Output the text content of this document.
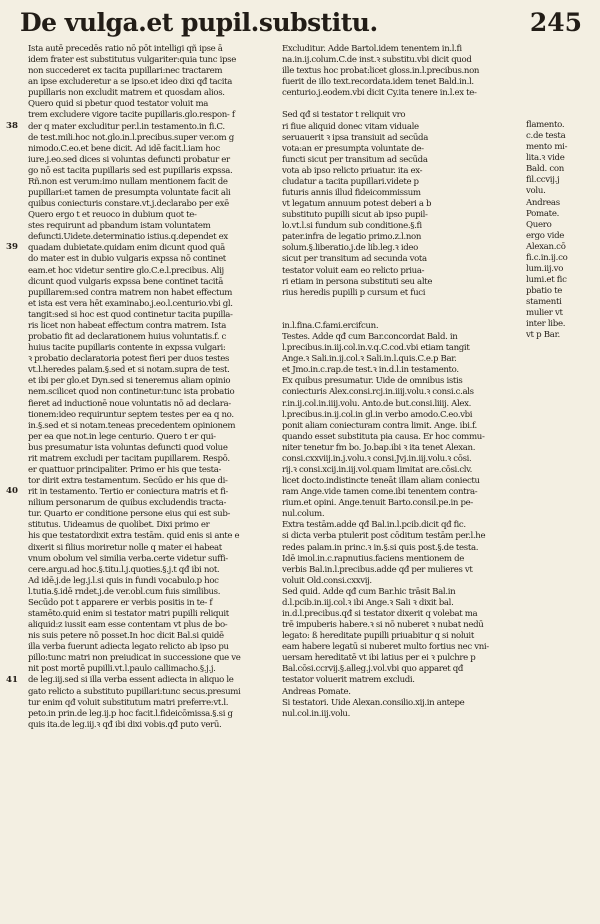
De vulga.et pupil.substitu.	245
38
39
40
41
Ista autē precedēs ratio nō pōt intelligi qñ ipse ā
idem frater est substitutus vulgariter:quia tunc ipse
non succederet ex tacita pupillari:nec tractarem
an ipse excluderetur a se ipso.et ideo dixi qđ tacita
pupillaris non excludit matrem et quosdam alios.
Quero quid si pbetur quod testator voluit ma
trem excludere vigore tacite pupillaris.glo.respon- f
der q mater excluditur per.l.in testamento.in fi.C.
de test.mili.hoc not.glo.in.l.precibus.super ver.om g
nimodo.C.eo.et bene dicit. Ad idē facit.l.iam hoc
iure.j.eo.sed dices si voluntas defuncti probatur er
go nō est tacita pupillaris sed est pupillaris expssa.
Rñ.non est verum:imo nullam mentionem facit de
pupillari:et tamen de presumpta voluntate facit ali
quibus coniecturis constare.vt.j.declarabo per exē
Quero ergo t et reuoco in dubium quot te-
stes requirunt ad pbandum istam voluntatem
defuncti.Uidete.determinatio istius.q.dependet ex
quadam dubietate.quidam enim dicunt quod quā
do mater est in dubio vulgaris expssa nō continet
eam.et hoc videtur sentire glo.C.e.l.precibus. Alij
dicunt quod vulgaris expssa bene continet tacitā
pupillarem:sed contra matrem non habet effectum
et ista est vera hēt examinabo.j.eo.l.centurio.vbi gl.
tangit:sed si hoc est quod continetur tacita pupilla-
ris licet non habeat effectum contra matrem. Ista
probatio fit ad declarationem huius voluntatis.f. c
huius tacite pupillaris contente in expssa vulgari:
ꝛ probatio declaratoria potest fieri per duos testes
vt.l.heredes palam.§.sed et si notam.supra de test.
et ibi per glo.et Dyn.sed si teneremus aliam opinio
nem.scilicet quod non continetur:tunc ista probatio
fieret ad inductionē noue voluntatis nō ad declara-
tionem:ideo requiruntur septem testes per ea q no.
in.§.sed et si notam.teneas precedentem opinionem
per ea que not.in lege centurio. Quero t er qui-
bus presumatur ista voluntas defuncti quod volue
rit matrem excludi per tacitam pupillarem. Respō.
er quattuor principaliter. Primo er his que testa-
tor dirit extra testamentum. Secūdo er his que di-
rit in testamento. Tertio er coniectura matris et fi-
nilium personarum de quibus excludendis tracta-
tur. Quarto er conditione persone eius qui est sub-
stitutus. Uideamus de quolibet. Dixi primo er
his que testatordixit extra testām. quid enis si ante e
dixerit si filius moriretur nolle q mater ei habeat
vnum obolum vel similia verba.certe videtur suffi-
cere.argu.ad hoc.§.titu.l.j.quoties.§.j.t qđ ibi not.
Ad idē.j.de leg.j.l.si quis in fundi vocabulo.p hoc
l.tutia.§.idē rndet.j.de ver.obl.cum fuis similibus.
Secūdo pot t apparere er verbis positis in te- f
stamēto.quid enim si testator matri pupilli reliquit
aliquid:z iussit eam esse contentam vt plus de bo-
nis suis petere nō posset.In hoc dicit Bal.si quidē
illa verba fuerunt adiecta legato relicto ab ipso pu
pillo:tunc matri non preiudicat in successione que ve
nit post mortē pupilli.vt.l.paulo callimacho.§.j.j.
de leg.iij.sed si illa verba essent adiecta in aliquo le
gato relicto a substituto pupillari:tunc secus.presumi
tur enim qđ voluit substitutum matri preferre:vt.l.
peto.in prin.de leg.ij.p hoc facit.l.fideicōmissa.§.si g
quis ita.de leg.iij.ꝛ qđ ibi dixi vobis.qđ puto verū.
Excluditur. Adde Bartol.idem tenentem in.l.fi
na.in.ij.colum.C.de inst.ꝛ substitu.vbi dicit quod
ille textus hoc probat:licet gloss.in.l.precibus.non
fuerit de illo text.recordata.idem tenet Bald.in.l.
centurio.j.eodem.vbi dicit Cy.ita tenere in.l.ex te-

Sed qđ si testator t reliquit vro
ri fiue aliquid donec vitam viduale
seruauerit ꝛ ipsa transiuit ad secūda
vota:an er presumpta voluntate de-
functi sicut per transitum ad secūda
vota ab ipso relicto priuatur. ita ex-
cludatur a tacita pupillari.videte p
futuris annis illud fideicommissum
vt legatum annuum potest deberi a b
substituto pupilli sicut ab ipso pupil-
lo.vt.l.si fundum sub conditione.§.fi
pater.infra de legatio primo.z.l.non
solum.§.liberatio.j.de lib.leg.ꝛ ideo
sicut per transitum ad secunda vota
testator voluit eam eo relicto priua-
ri etiam in persona substituti seu alte
rius heredis pupilli p cursum et fuci

in.l.fina.C.fami.ercifcun.
Testes. Adde qđ cum Bar.concordat Bald. in
l.precibus.in.iij.col.in.v.q.C.cod.vbi etiam tangit
Ange.ꝛ Sali.in.ij.col.ꝛ Sali.in.l.quis.C.e.p Bar.
et Jmo.in.c.rap.de test.ꝛ in.d.l.in testamento.
Ex quibus presumatur. Uide de omnibus istis
coniecturis Alex.consi.rcj.in.iiij.volu.ꝛ consi.c.als
r.in.ij.col.in.iiij.volu. Anto.de but.consi.liiij. Alex.
l.precibus.in.ij.col.in gl.in verbo amodo.C.eo.vbi
ponit aliam coniecturam contra limit. Ange. ibi.f.
quando esset substituta pia causa. Er hoc commu-
niter tenetur fm bo. Jo.bap.ibi ꝛ ita tenet Alexan.
consi.cxxviij.in.j.volu.ꝛ consi.Jvj.in.iij.volu.ꝛ cōsi.
rij.ꝛ consi.xcij.in.iij.vol.quam limitat are.cōsi.clv.
licet docto.indistincte teneāt illam aliam coniectu
ram Ange.vide tamen come.ibi tenentem contra-
rium.et opini. Ange.tenuit Barto.consil.pe.in pe-
nul.colum.
Extra testām.adde qđ Bal.in.l.pcib.dicit qđ fic.
si dicta verba ptulerit post cōditum testām per.l.he
redes palam.in princ.ꝛ in.§.si quis post.§.de testa.
Idē imol.in.c.rapnutius.faciens mentionem de
verbis Bal.in.l.precibus.adde qđ per mulieres vt
voluit Old.consi.cxxvij.
Sed quid. Adde qđ cum Bar.hic trāsit Bal.in
d.l.pcib.in.iij.col.ꝛ ibi Ange.ꝛ Sali ꝛ dixit bal.
in.d.l.precibus.qđ si testator dixerit q volebat ma
trē impuberis habere.ꝛ si nō nuberet ꝛ nubat nedū
legato: ß hereditate pupilli priuabitur q si noluit
eam habere legatū si nuberet multo fortius nec vni-
uersam hereditatē vt ibi latius per ei ꝛ pulchre p
Bal.cōsi.ccrvij.§.alleg.j.vol.vbi quo apparet qđ
testator voluerit matrem excludi.
Andreas Pomate.
Si testatori. Uide Alexan.consilio.xij.in antepe
nul.col.in.iij.volu.
flamento.
c.de testa
mento mi-
lita.ꝛ vide
Bald. con
fil.ccvij.j
volu.
Andreas
Pomate.
Quero
ergo vide
Alexan.cō
fi.c.in.ij.co
lum.iij.vo
lumi.et fic
pbatio te
stamenti
mulier vt
inter libe.
vt p Bar.
